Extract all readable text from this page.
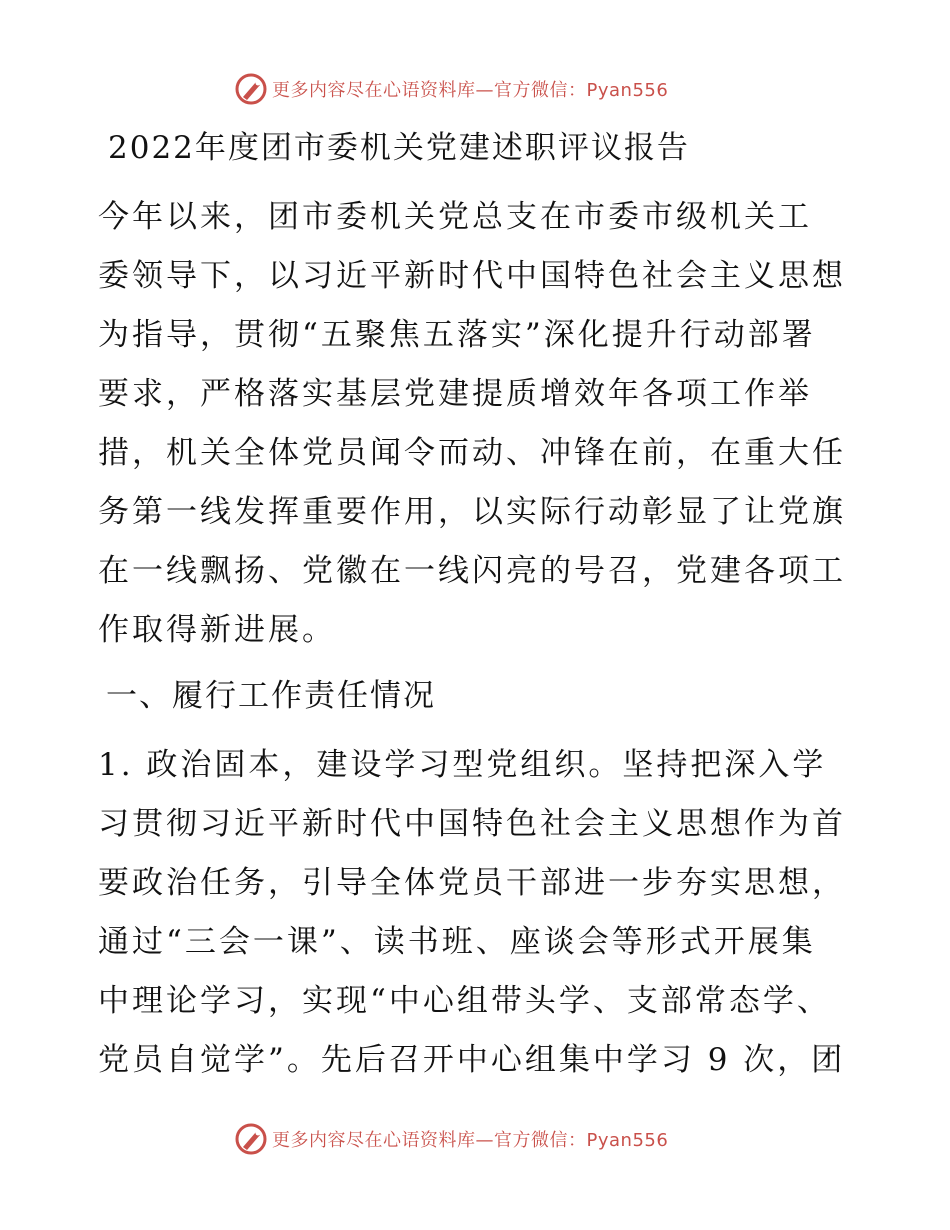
更多内容尽在心语资料库—官方微信：Pyan556
2022年度团市委机关党建述职评议报告
今年以来，团市委机关党总支在市委市级机关工
委领导下，以习近平新时代中国特色社会主义思想
为指导，贯彻“五聚焦五落实”深化提升行动部署
要求，严格落实基层党建提质增效年各项工作举
措，机关全体党员闻令而动、冲锋在前，在重大任
务第一线发挥重要作用，以实际行动彰显了让党旗
在一线飘扬、党徽在一线闪亮的号召，党建各项工
作取得新进展。
一、履行工作责任情况
1. 政治固本，建设学习型党组织。坚持把深入学
习贯彻习近平新时代中国特色社会主义思想作为首
要政治任务，引导全体党员干部进一步夯实思想，
通过“三会一课”、读书班、座谈会等形式开展集
中理论学习，实现“中心组带头学、支部常态学、
党员自觉学”。先后召开中心组集中学习 9 次，团
更多内容尽在心语资料库—官方微信：Pyan556
